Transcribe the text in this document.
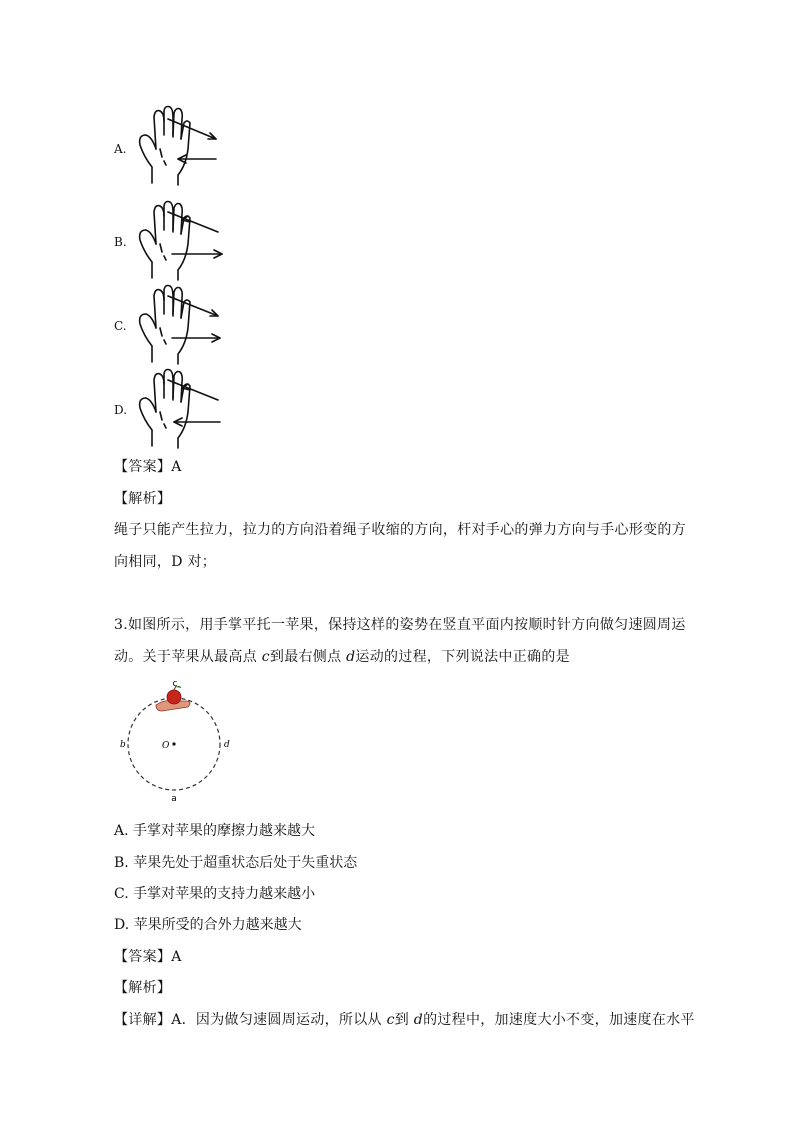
A.
B.
C.
D.
【答案】A
【解析】
绳子只能产生拉力，拉力的方向沿着绳子收缩的方向，杆对手心的弹力方向与手心形变的方
向相同，D 对；
3.如图所示，用手掌平托一苹果，保持这样的姿势在竖直平面内按顺时针方向做匀速圆周运
动。关于苹果从最高点 c到最右侧点 d运动的过程，下列说法中正确的是
c
b	d
a
O
A. 手掌对苹果的摩擦力越来越大
B. 苹果先处于超重状态后处于失重状态
C. 手掌对苹果的支持力越来越小
D. 苹果所受的合外力越来越大
【答案】A
【解析】
【详解】A．因为做匀速圆周运动，所以从 c到 d的过程中，加速度大小不变，加速度在水平
